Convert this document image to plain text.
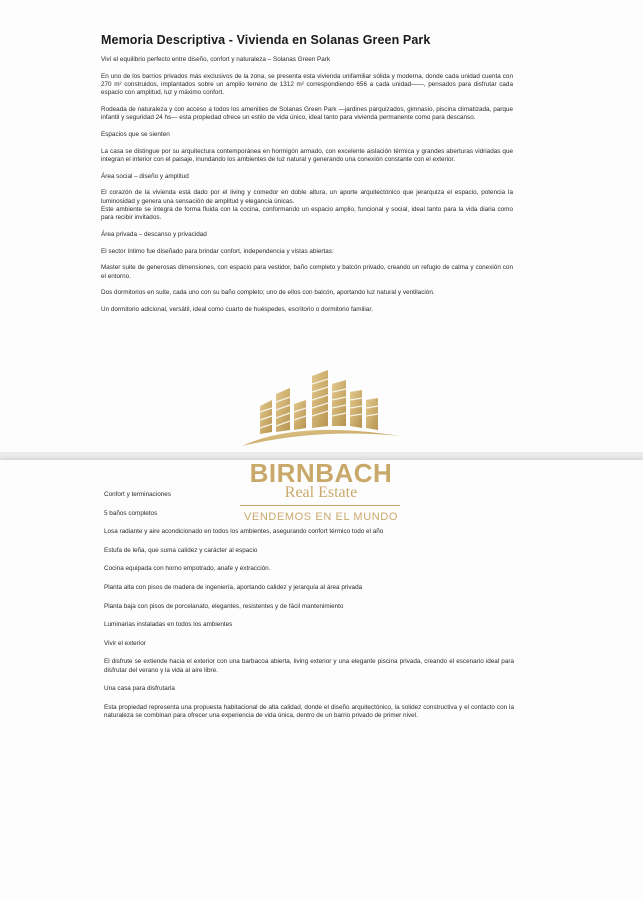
Memoria Descriptiva - Vivienda en Solanas Green Park

Viví el equilibrio perfecto entre diseño, confort y naturaleza – Solanas Green Park

En uno de los barrios privados más exclusivos de la zona, se presenta esta vivienda unifamiliar sólida y moderna, donde cada unidad cuenta con 270 m² construidos, implantados sobre un amplio terreno de 1312 m² correspondiendo 656 a cada unidad——, pensados para disfrutar cada espacio con amplitud, luz y máximo confort.

Rodeada de naturaleza y con acceso a todos los amenities de Solanas Green Park —jardines parquizados, gimnasio, piscina climatizada, parque infantil y seguridad 24 hs— esta propiedad ofrece un estilo de vida único, ideal tanto para vivienda permanente como para descanso.

Espacios que se sienten

La casa se distingue por su arquitectura contemporánea en hormigón armado, con excelente aislación térmica y grandes aberturas vidriadas que integran el interior con el paisaje, inundando los ambientes de luz natural y generando una conexión constante con el exterior.

Área social – diseño y amplitud

El corazón de la vivienda está dado por el living y comedor en doble altura, un aporte arquitectónico que jerarquiza el espacio, potencia la luminosidad y genera una sensación de amplitud y elegancia únicas.
Este ambiente se integra de forma fluida con la cocina, conformando un espacio amplio, funcional y social, ideal tanto para la vida diaria como para recibir invitados.

Área privada – descanso y privacidad

El sector íntimo fue diseñado para brindar confort, independencia y vistas abiertas:

Master suite de generosas dimensiones, con espacio para vestidor, baño completo y balcón privado, creando un refugio de calma y conexión con el entorno.

Dos dormitorios en suite, cada uno con su baño completo; uno de ellos con balcón, aportando luz natural y ventilación.

Un dormitorio adicional, versátil, ideal como cuarto de huéspedes, escritorio o dormitorio familiar.

Confort y terminaciones

5 baños completos

Losa radiante y aire acondicionado en todos los ambientes, asegurando confort térmico todo el año

Estufa de leña, que suma calidez y carácter al espacio

Cocina equipada con horno empotrado, anafe y extracción.

Planta alta con pisos de madera de ingeniería, aportando calidez y jerarquía al área privada

Planta baja con pisos de porcelanato, elegantes, resistentes y de fácil mantenimiento

Luminarias instaladas en todos los ambientes

Vivir el exterior

El disfrute se extiende hacia el exterior con una barbacoa abierta, living exterior y una elegante piscina privada, creando el escenario ideal para disfrutar del verano y la vida al aire libre.

Una casa para disfrutarla

Esta propiedad representa una propuesta habitacional de alta calidad, donde el diseño arquitectónico, la solidez constructiva y el contacto con la naturaleza se combinan para ofrecer una experiencia de vida única, dentro de un barrio privado de primer nivel.

BIRNBACH
Real Estate
VENDEMOS EN EL MUNDO
